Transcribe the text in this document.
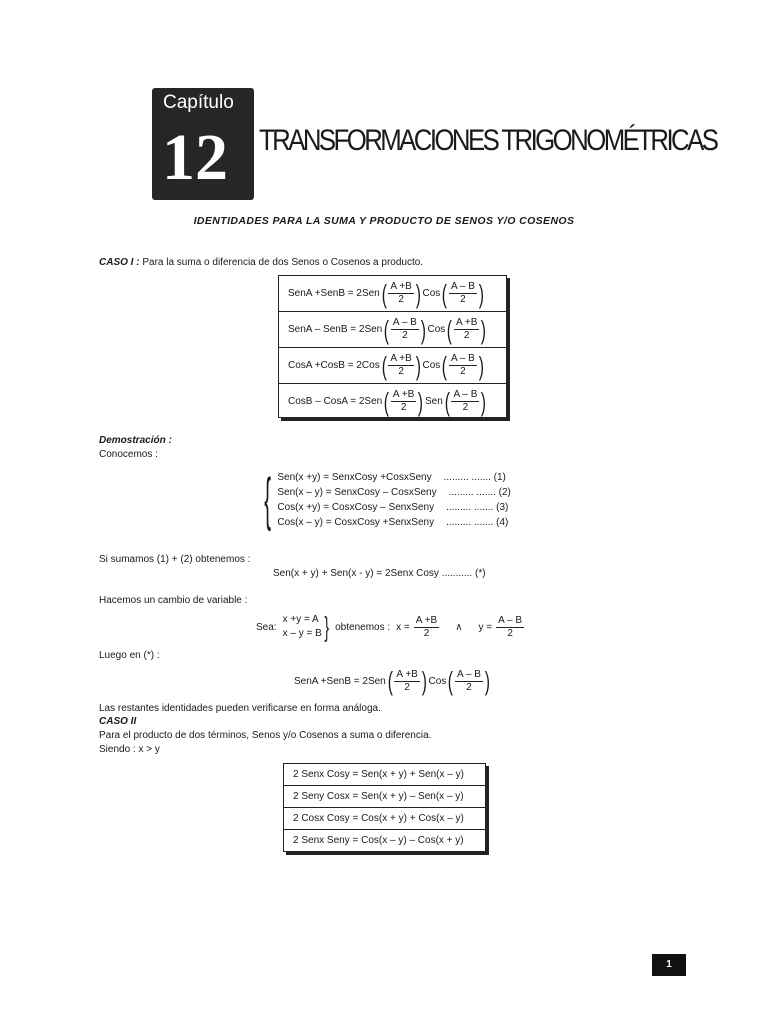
Capítulo
12 TRANSFORMACIONES TRIGONOMÉTRICAS
IDENTIDADES PARA LA SUMA Y PRODUCTO DE SENOS Y/O COSENOS
CASO I : Para la suma o diferencia de dos Senos o Cosenos a producto.
SenA +SenB = 2Sen ( $\frac{A +B}{2}$ ) Cos ( $\frac{A - B}{2}$ )
SenA – SenB = 2Sen ( $\frac{A - B}{2}$ ) Cos ( $\frac{A +B}{2}$ )
CosA +CosB = 2Cos ( $\frac{A +B}{2}$ ) Cos ( $\frac{A - B}{2}$ )
CosB – CosA = 2Sen ( $\frac{A +B}{2}$ ) Sen ( $\frac{A - B}{2}$ )
Demostración :
Conocemos :
{ Sen(x +y) = SenxCosy +CosxSeny ......... ....... (1)
Sen(x – y) = SenxCosy – CosxSeny ......... ....... (2)
Cos(x +y) = CosxCosy – SenxSeny ......... ....... (3)
Cos(x – y) = CosxCosy +SenxSeny ......... ....... (4)
Si sumamos (1) + (2) obtenemos :
Sen(x + y) + Sen(x - y) = 2Senx Cosy ........... (*)
Hacemos un cambio de variable :
Sea:
x +y = A
x – y = B } obtenemos : $x = \frac{A +B}{2}$ ∧ $y = \frac{A - B}{2}$
Luego en (*) :
SenA +SenB = 2Sen ( A +B
2 ) Cos ( A – B
2 )
Las restantes identidades pueden verificarse en forma análoga.
CASO II
Para el producto de dos términos, Senos y/o Cosenos a suma o diferencia.
Siendo : x > y
2 Senx Cosy = Sen(x + y) + Sen(x – y)
2 Seny Cosx = Sen(x + y) – Sen(x – y)
2 Cosx Cosy = Cos(x + y) + Cos(x – y)
2 Senx Seny = Cos(x – y) – Cos(x + y)
1
